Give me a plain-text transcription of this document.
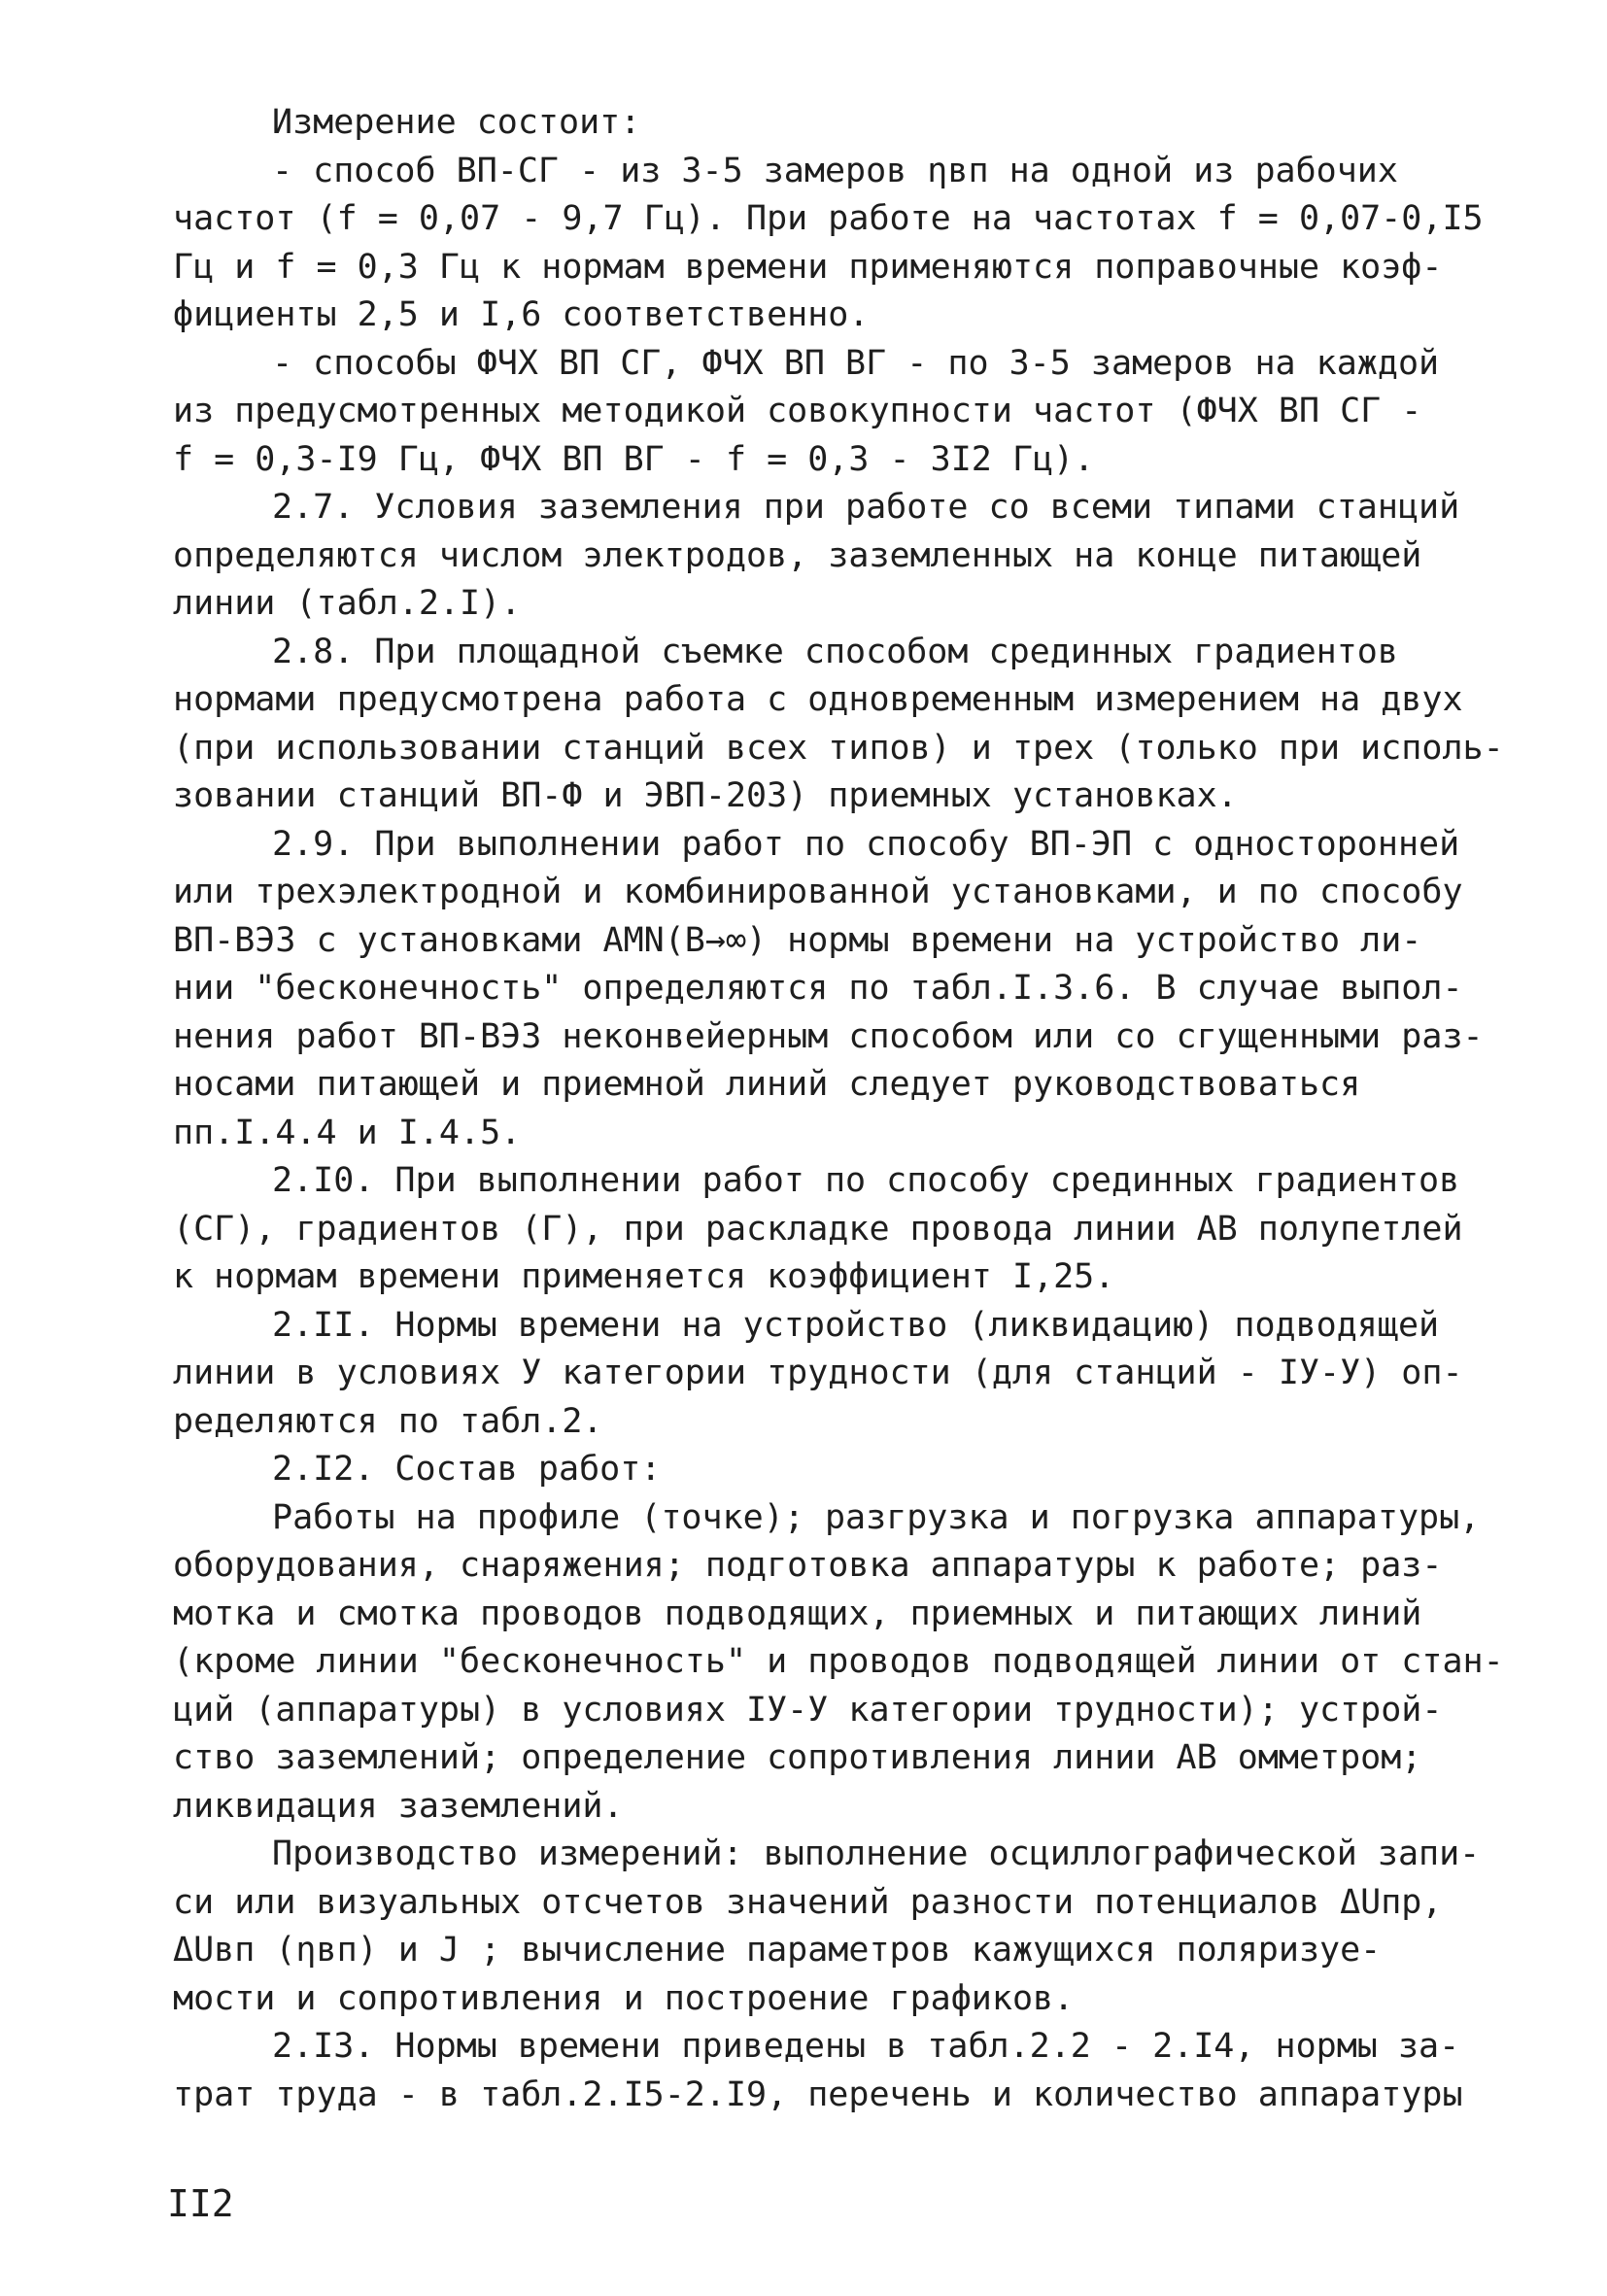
Измерение состоит:
- способ ВП-СГ - из 3-5 замеров ηвп на одной из рабочих
частот (f = 0,07 - 9,7 Гц). При работе на частотах f = 0,07-0,I5
Гц и f = 0,3 Гц к нормам времени применяются поправочные коэф-
фициенты 2,5 и I,6 соответственно.
- способы ФЧХ ВП СГ, ФЧХ ВП ВГ - по 3-5 замеров на каждой
из предусмотренных методикой совокупности частот (ФЧХ ВП СГ -
f = 0,3-I9 Гц, ФЧХ ВП ВГ - f = 0,3 - 3I2 Гц).
2.7. Условия заземления при работе со всеми типами станций
определяются числом электродов, заземленных на конце питающей
линии (табл.2.I).
2.8. При площадной съемке способом срединных градиентов
нормами предусмотрена работа с одновременным измерением на двух
(при использовании станций всех типов) и трех (только при исполь-
зовании станций ВП-Ф и ЭВП-203) приемных установках.
2.9. При выполнении работ по способу ВП-ЭП с односторонней
или трехэлектродной и комбинированной установками, и по способу
ВП-ВЭЗ с установками AMN(B→∞) нормы времени на устройство ли-
нии "бесконечность" определяются по табл.I.3.6. В случае выпол-
нения работ ВП-ВЭЗ неконвейерным способом или со сгущенными раз-
носами питающей и приемной линий следует руководствоваться
пп.I.4.4 и I.4.5.
2.I0. При выполнении работ по способу срединных градиентов
(СГ), градиентов (Г), при раскладке провода линии АВ полупетлей
к нормам времени применяется коэффициент I,25.
2.II. Нормы времени на устройство (ликвидацию) подводящей
линии в условиях У категории трудности (для станций - IУ-У) оп-
ределяются по табл.2.
2.I2. Состав работ:
Работы на профиле (точке); разгрузка и погрузка аппаратуры,
оборудования, снаряжения; подготовка аппаратуры к работе; раз-
мотка и смотка проводов подводящих, приемных и питающих линий
(кроме линии "бесконечность" и проводов подводящей линии от стан-
ций (аппаратуры) в условиях IУ-У категории трудности); устрой-
ство заземлений; определение сопротивления линии АВ омметром;
ликвидация заземлений.
Производство измерений: выполнение осциллографической запи-
си или визуальных отсчетов значений разности потенциалов ΔUпр,
ΔUвп (ηвп) и J ; вычисление параметров кажущихся поляризуе-
мости и сопротивления и построение графиков.
2.I3. Нормы времени приведены в табл.2.2 - 2.I4, нормы за-
трат труда - в табл.2.I5-2.I9, перечень и количество аппаратуры
II2
